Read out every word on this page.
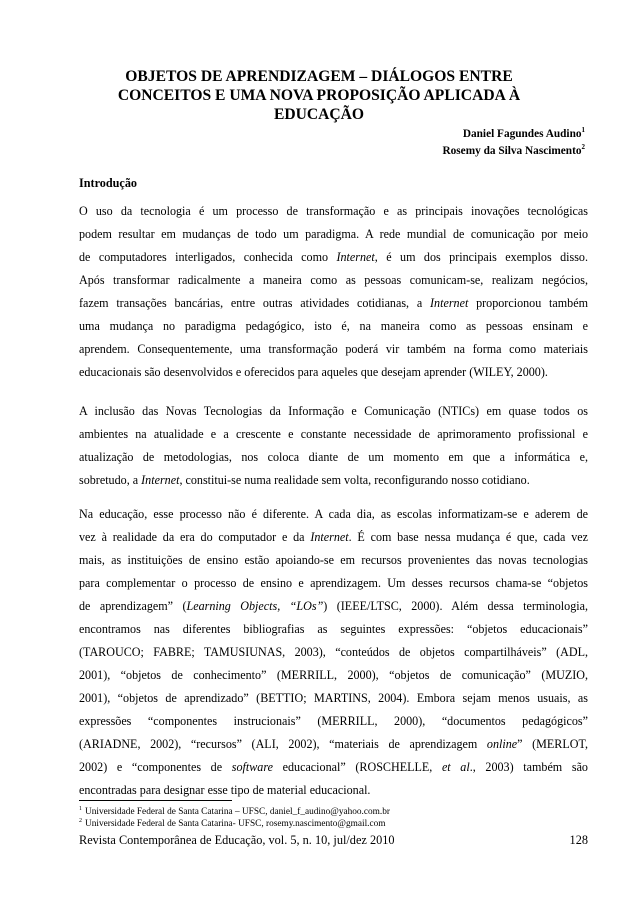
OBJETOS DE APRENDIZAGEM – DIÁLOGOS ENTRE
CONCEITOS E UMA NOVA PROPOSIÇÃO APLICADA À
EDUCAÇÃO
Daniel Fagundes Audino$^1$
Rosemy da Silva Nascimento$^2$
Introdução
O uso da tecnologia é um processo de transformação e as principais inovações tecnológicas
podem resultar em mudanças de todo um paradigma. A rede mundial de comunicação por meio
de computadores interligados, conhecida como Internet, é um dos principais exemplos disso.
Após transformar radicalmente a maneira como as pessoas comunicam-se, realizam negócios,
fazem transações bancárias, entre outras atividades cotidianas, a Internet proporcionou também
uma mudança no paradigma pedagógico, isto é, na maneira como as pessoas ensinam e
aprendem. Consequentemente, uma transformação poderá vir também na forma como materiais
educacionais são desenvolvidos e oferecidos para aqueles que desejam aprender (WILEY, 2000).
A inclusão das Novas Tecnologias da Informação e Comunicação (NTICs) em quase todos os
ambientes na atualidade e a crescente e constante necessidade de aprimoramento profissional e
atualização de metodologias, nos coloca diante de um momento em que a informática e,
sobretudo, a Internet, constitui-se numa realidade sem volta, reconfigurando nosso cotidiano.
Na educação, esse processo não é diferente. A cada dia, as escolas informatizam-se e aderem de
vez à realidade da era do computador e da Internet. É com base nessa mudança é que, cada vez
mais, as instituições de ensino estão apoiando-se em recursos provenientes das novas tecnologias
para complementar o processo de ensino e aprendizagem. Um desses recursos chama-se “objetos
de aprendizagem” (Learning Objects, “LOs”) (IEEE/LTSC, 2000). Além dessa terminologia,
encontramos nas diferentes bibliografias as seguintes expressões: “objetos educacionais”
(TAROUCO; FABRE; TAMUSIUNAS, 2003), “conteúdos de objetos compartilháveis” (ADL,
2001), “objetos de conhecimento” (MERRILL, 2000), “objetos de comunicação” (MUZIO,
2001), “objetos de aprendizado” (BETTIO; MARTINS, 2004). Embora sejam menos usuais, as
expressões “componentes instrucionais” (MERRILL, 2000), “documentos pedagógicos”
(ARIADNE, 2002), “recursos” (ALI, 2002), “materiais de aprendizagem online” (MERLOT,
2002) e “componentes de software educacional” (ROSCHELLE, et al., 2003) também são
encontradas para designar esse tipo de material educacional.
$^1$ Universidade Federal de Santa Catarina – UFSC, daniel_f_audino@yahoo.com.br
$^2$ Universidade Federal de Santa Catarina- UFSC, rosemy.nascimento@gmail.com
Revista Contemporânea de Educação, vol. 5, n. 10, jul/dez 2010	128
